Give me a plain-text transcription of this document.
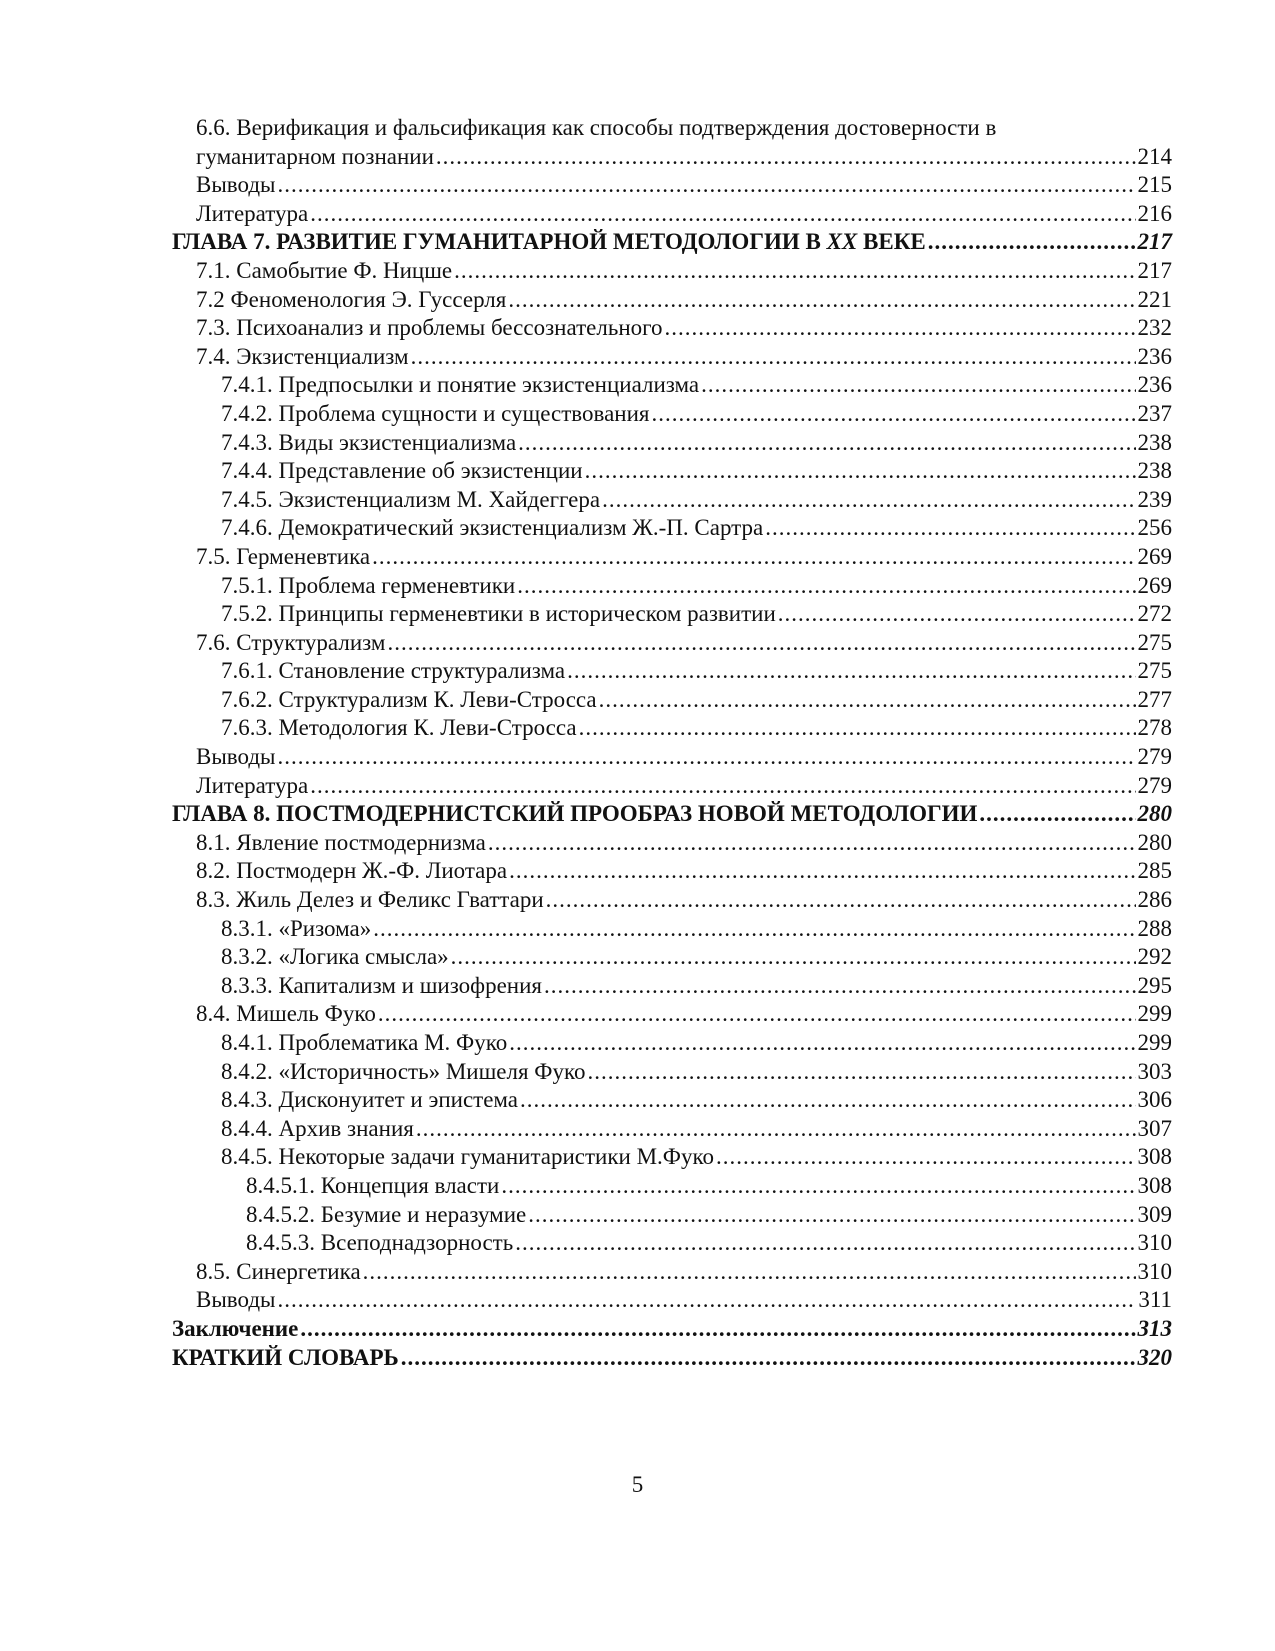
6.6. Верификация и фальсификация как способы подтверждения достоверности в
гуманитарном познании .....	214
Выводы .....	215
Литература .....	216
ГЛАВА 7. РАЗВИТИЕ ГУМАНИТАРНОЙ МЕТОДОЛОГИИ В XX ВЕКЕ .....	217
7.1. Самобытие Ф. Ницше .....	217
7.2 Феноменология Э. Гуссерля .....	221
7.3. Психоанализ и проблемы бессознательного .....	232
7.4. Экзистенциализм .....	236
7.4.1. Предпосылки и понятие экзистенциализма .....	236
7.4.2. Проблема сущности и существования .....	237
7.4.3. Виды экзистенциализма .....	238
7.4.4. Представление об экзистенции .....	238
7.4.5. Экзистенциализм М. Хайдеггера .....	239
7.4.6. Демократический экзистенциализм Ж.-П. Сартра .....	256
7.5. Герменевтика .....	269
7.5.1. Проблема герменевтики .....	269
7.5.2. Принципы герменевтики в историческом развитии .....	272
7.6. Структурализм .....	275
7.6.1. Становление структурализма .....	275
7.6.2. Структурализм К. Леви-Стросса .....	277
7.6.3. Методология К. Леви-Стросса .....	278
Выводы .....	279
Литература .....	279
ГЛАВА 8. ПОСТМОДЕРНИСТСКИЙ ПРООБРАЗ НОВОЙ МЕТОДОЛОГИИ .....	280
8.1. Явление постмодернизма .....	280
8.2. Постмодерн Ж.-Ф. Лиотара .....	285
8.3. Жиль Делез и Феликс Гваттари .....	286
8.3.1. «Ризома» .....	288
8.3.2. «Логика смысла» .....	292
8.3.3. Капитализм и шизофрения .....	295
8.4. Мишель Фуко .....	299
8.4.1. Проблематика М. Фуко .....	299
8.4.2. «Историчность» Мишеля Фуко .....	303
8.4.3. Дисконуитет и эпистема .....	306
8.4.4. Архив знания .....	307
8.4.5. Некоторые задачи гуманитаристики М.Фуко .....	308
8.4.5.1. Концепция власти .....	308
8.4.5.2. Безумие и неразумие .....	309
8.4.5.3. Всеподнадзорность .....	310
8.5. Синергетика .....	310
Выводы .....	311
Заключение .....	313
КРАТКИЙ СЛОВАРЬ .....	320
5
